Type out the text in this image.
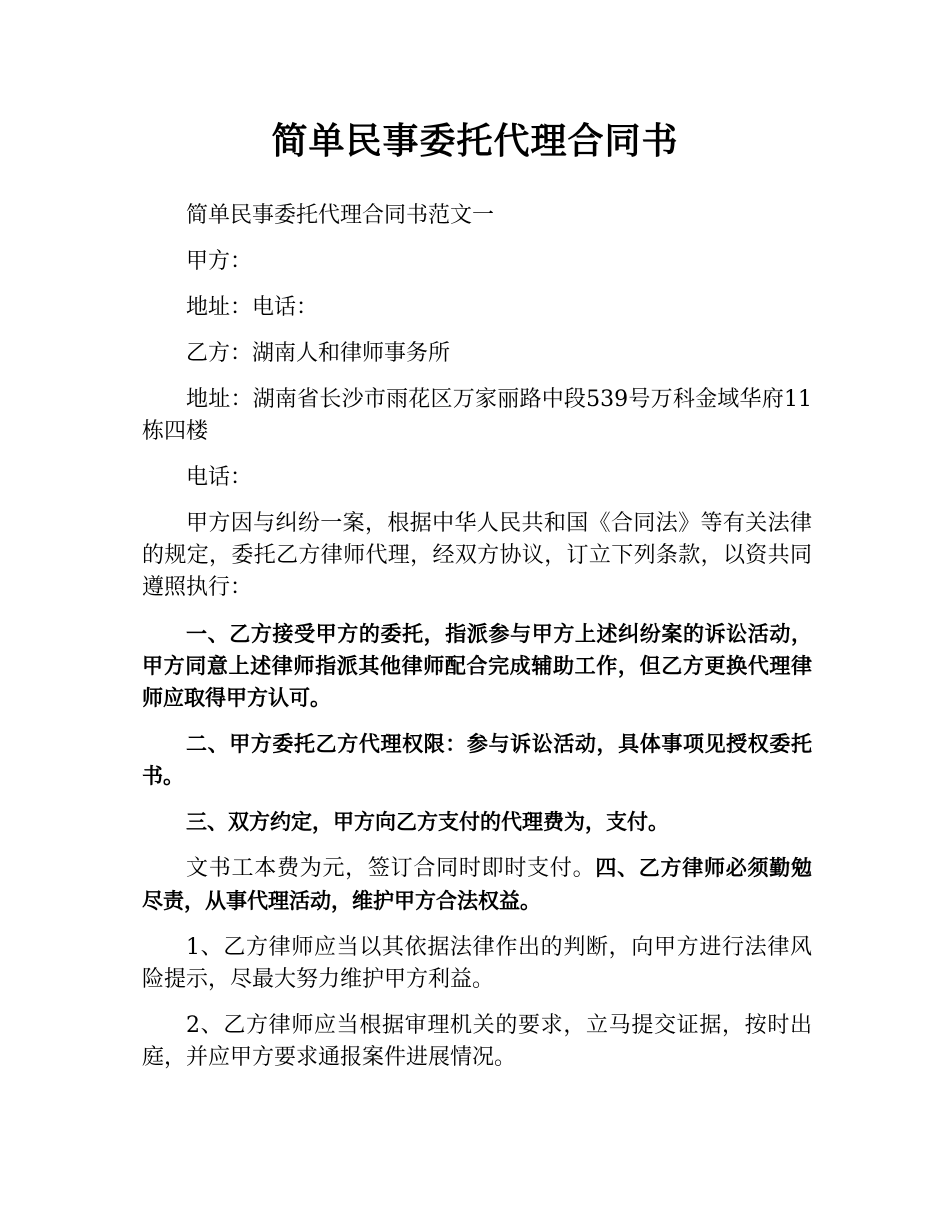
简单民事委托代理合同书

简单民事委托代理合同书范文一

甲方：

地址：电话：

乙方：湖南人和律师事务所

地址：湖南省长沙市雨花区万家丽路中段539号万科金域华府11栋四楼

电话：

甲方因与纠纷一案，根据中华人民共和国《合同法》等有关法律的规定，委托乙方律师代理，经双方协议，订立下列条款，以资共同遵照执行：

一、乙方接受甲方的委托，指派参与甲方上述纠纷案的诉讼活动，甲方同意上述律师指派其他律师配合完成辅助工作，但乙方更换代理律师应取得甲方认可。

二、甲方委托乙方代理权限：参与诉讼活动，具体事项见授权委托书。

三、双方约定，甲方向乙方支付的代理费为，支付。

文书工本费为元，签订合同时即时支付。四、乙方律师必须勤勉尽责，从事代理活动，维护甲方合法权益。

1、乙方律师应当以其依据法律作出的判断，向甲方进行法律风险提示，尽最大努力维护甲方利益。

2、乙方律师应当根据审理机关的要求，立马提交证据，按时出庭，并应甲方要求通报案件进展情况。
